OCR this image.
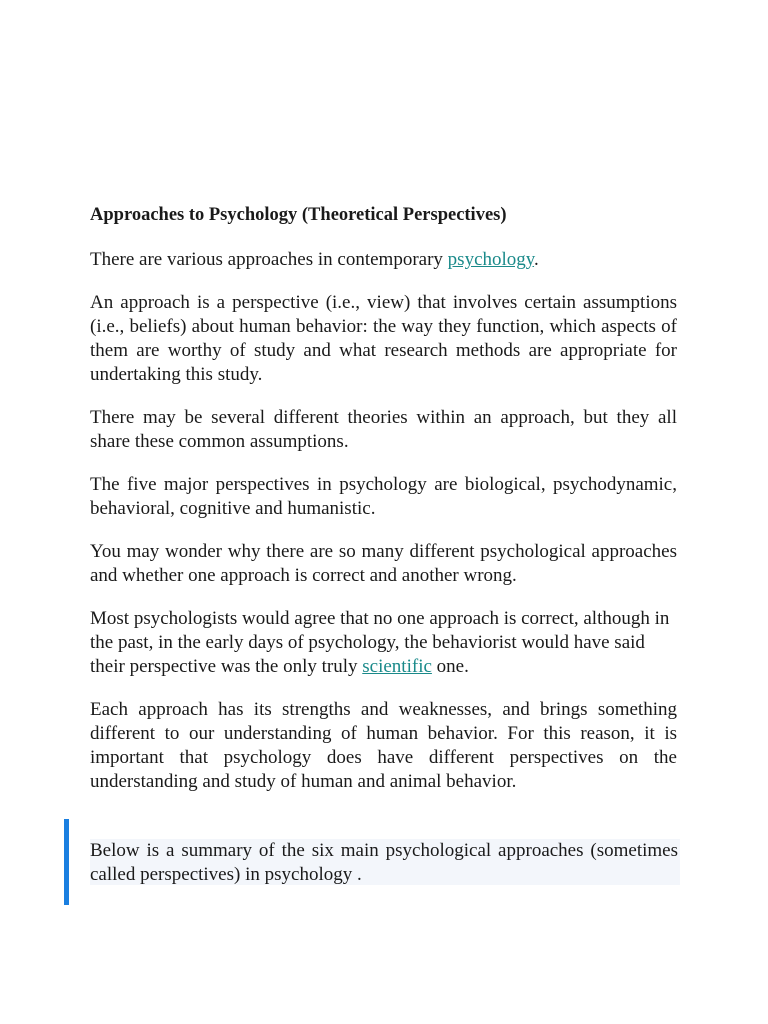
Approaches to Psychology (Theoretical Perspectives)

There are various approaches in contemporary psychology.

An approach is a perspective (i.e., view) that involves certain assumptions (i.e., beliefs) about human behavior: the way they function, which aspects of them are worthy of study and what research methods are appropriate for undertaking this study.

There may be several different theories within an approach, but they all share these common assumptions.

The five major perspectives in psychology are biological, psychodynamic, behavioral, cognitive and humanistic.

You may wonder why there are so many different psychological approaches and whether one approach is correct and another wrong.

Most psychologists would agree that no one approach is correct, although in the past, in the early days of psychology, the behaviorist would have said their perspective was the only truly scientific one.

Each approach has its strengths and weaknesses, and brings something different to our understanding of human behavior. For this reason, it is important that psychology does have different perspectives on the understanding and study of human and animal behavior.

Below is a summary of the six main psychological approaches (sometimes called perspectives) in psychology .
